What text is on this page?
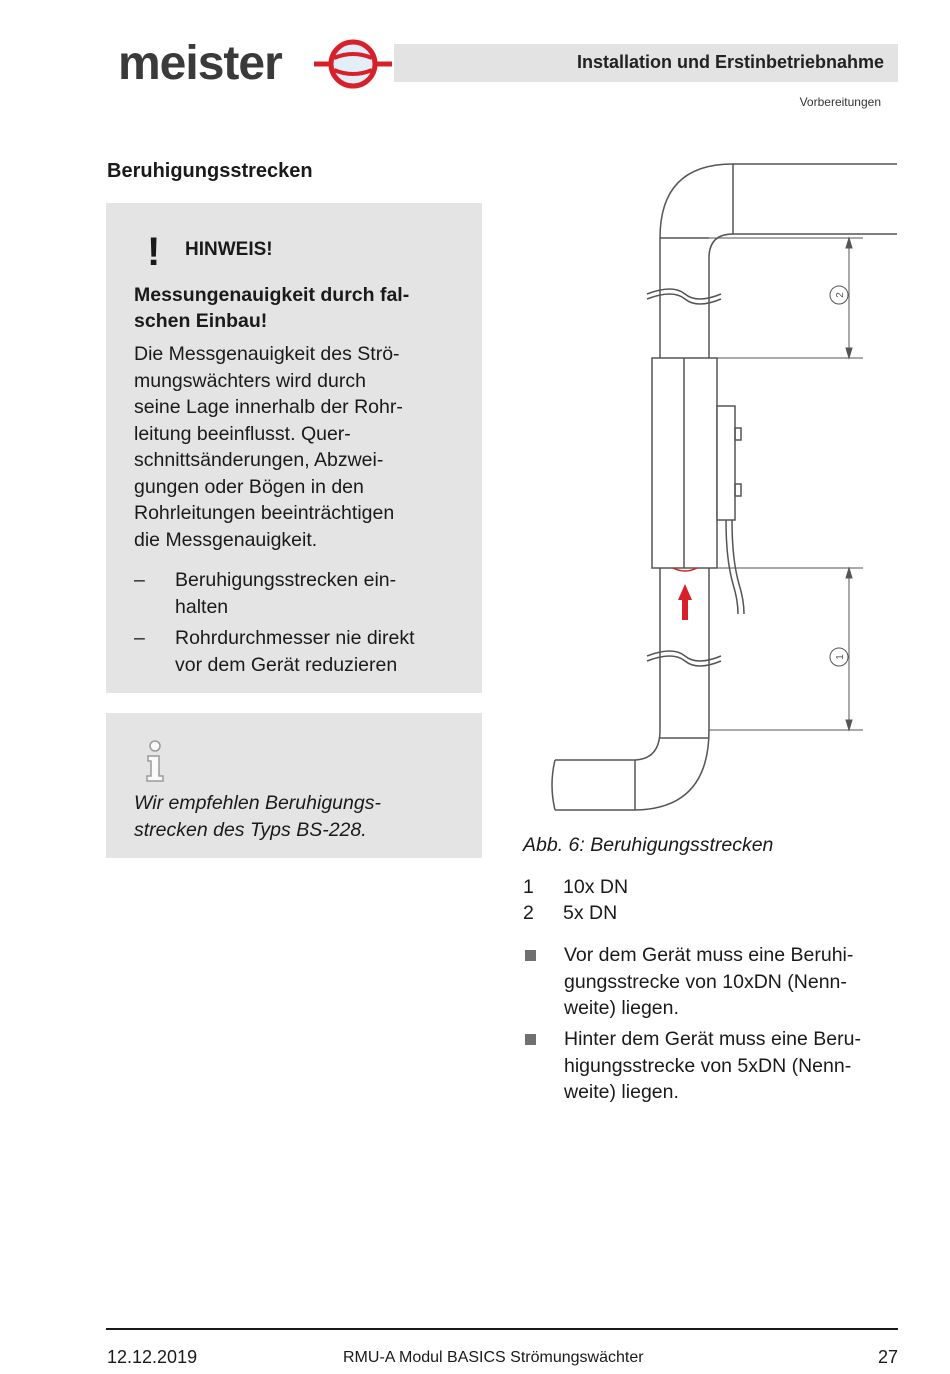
meister	Installation und Erstinbetriebnahme
Vorbereitungen
Beruhigungsstrecken
! HINWEIS!
Messungenauigkeit durch fal-
schen Einbau!
Die Messgenauigkeit des Strö-
mungswächters wird durch
seine Lage innerhalb der Rohr-
leitung beeinflusst. Quer-
schnittsänderungen, Abzwei-
gungen oder Bögen in den
Rohrleitungen beeinträchtigen
die Messgenauigkeit.
– Beruhigungsstrecken ein-
halten
– Rohrdurchmesser nie direkt
vor dem Gerät reduzieren
Wir empfehlen Beruhigungs-
strecken des Typs BS-228.
2
1
Abb. 6: Beruhigungsstrecken
1 10x DN
2 5x DN
Vor dem Gerät muss eine Beruhi-
gungsstrecke von 10xDN (Nenn-
weite) liegen.
Hinter dem Gerät muss eine Beru-
higungsstrecke von 5xDN (Nenn-
weite) liegen.
12.12.2019	RMU-A Modul BASICS Strömungswächter	27
